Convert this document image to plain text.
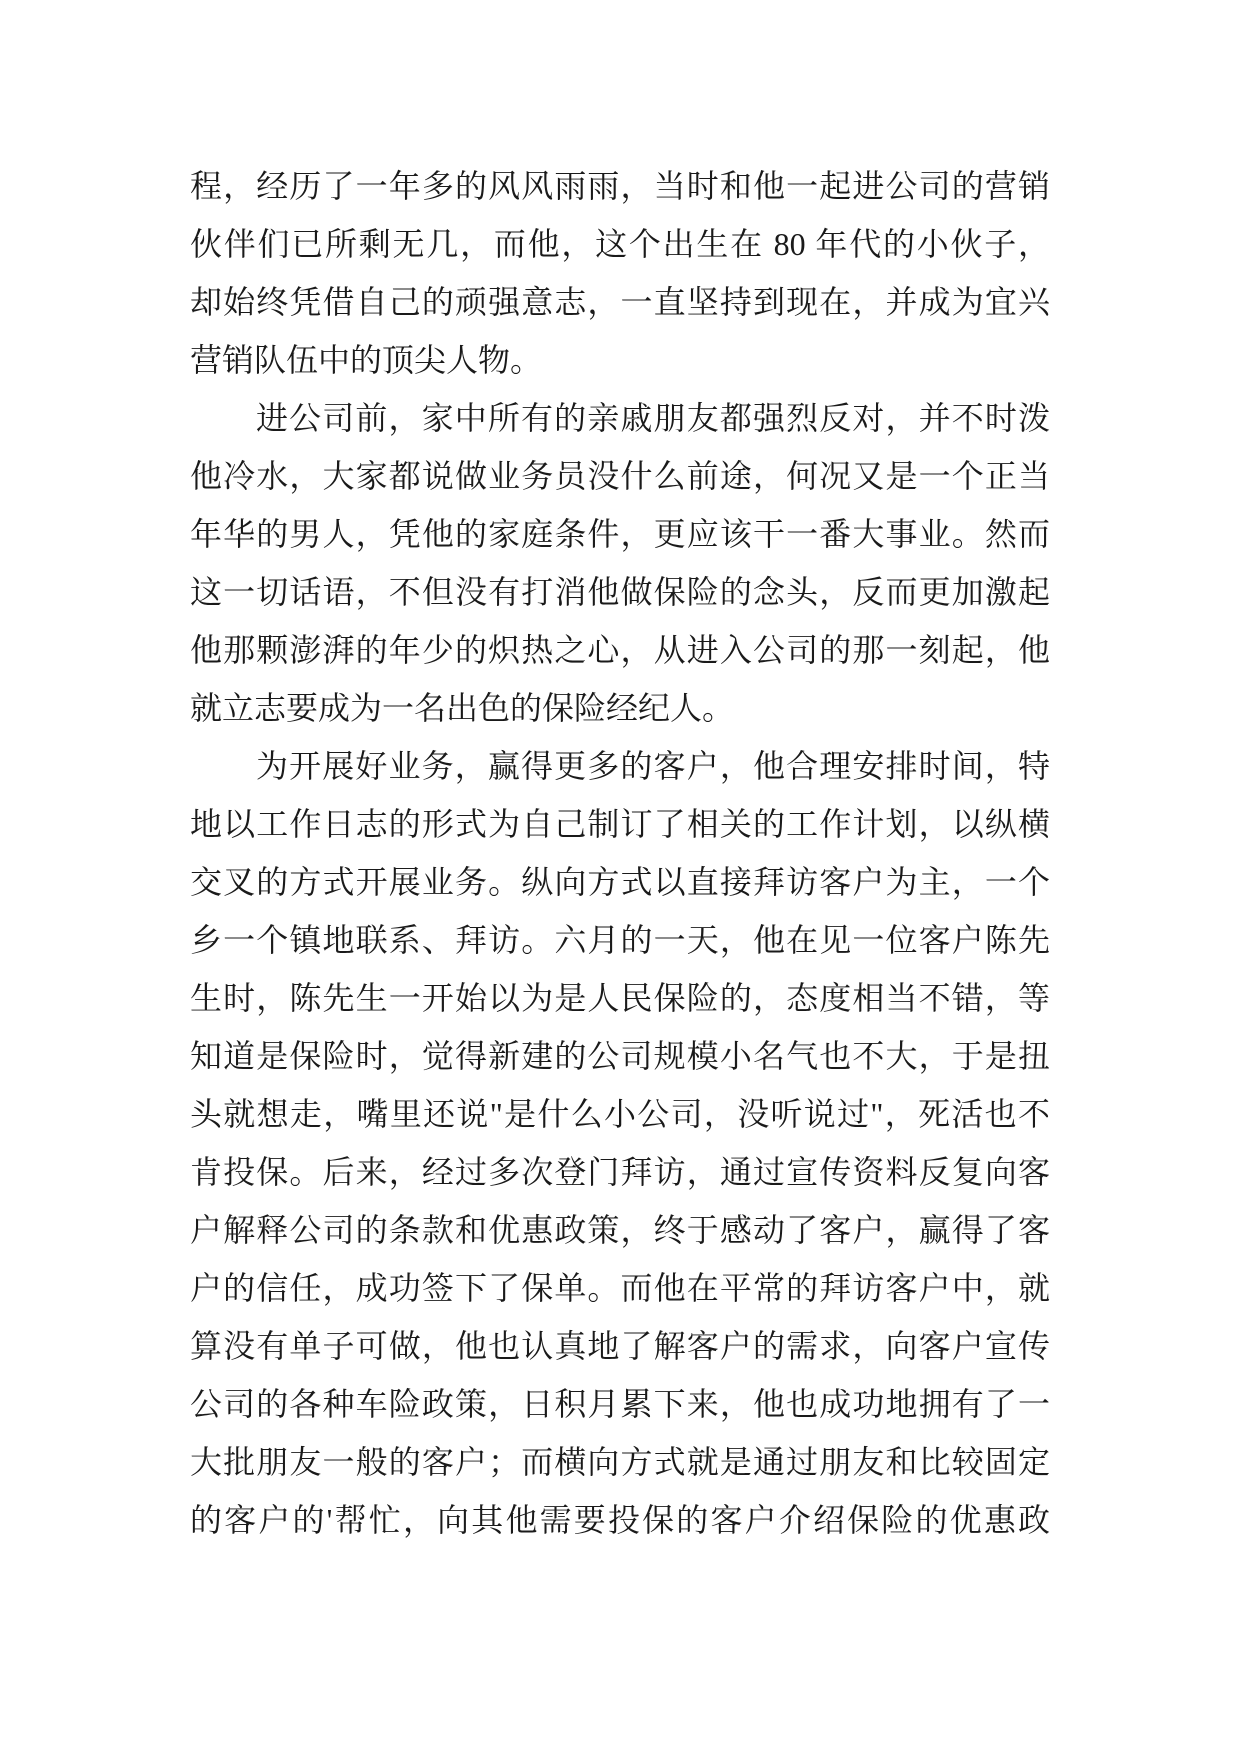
程，经历了一年多的风风雨雨，当时和他一起进公司的营销
伙伴们已所剩无几，而他，这个出生在 80 年代的小伙子，
却始终凭借自己的顽强意志，一直坚持到现在，并成为宜兴
营销队伍中的顶尖人物。
进公司前，家中所有的亲戚朋友都强烈反对，并不时泼
他冷水，大家都说做业务员没什么前途，何况又是一个正当
年华的男人，凭他的家庭条件，更应该干一番大事业。然而
这一切话语，不但没有打消他做保险的念头，反而更加激起
他那颗澎湃的年少的炽热之心，从进入公司的那一刻起，他
就立志要成为一名出色的保险经纪人。
为开展好业务，赢得更多的客户，他合理安排时间，特
地以工作日志的形式为自己制订了相关的工作计划，以纵横
交叉的方式开展业务。纵向方式以直接拜访客户为主，一个
乡一个镇地联系、拜访。六月的一天，他在见一位客户陈先
生时，陈先生一开始以为是人民保险的，态度相当不错，等
知道是保险时，觉得新建的公司规模小名气也不大，于是扭
头就想走，嘴里还说"是什么小公司，没听说过"，死活也不
肯投保。后来，经过多次登门拜访，通过宣传资料反复向客
户解释公司的条款和优惠政策，终于感动了客户，赢得了客
户的信任，成功签下了保单。而他在平常的拜访客户中，就
算没有单子可做，他也认真地了解客户的需求，向客户宣传
公司的各种车险政策，日积月累下来，他也成功地拥有了一
大批朋友一般的客户；而横向方式就是通过朋友和比较固定
的客户的'帮忙，向其他需要投保的客户介绍保险的优惠政
